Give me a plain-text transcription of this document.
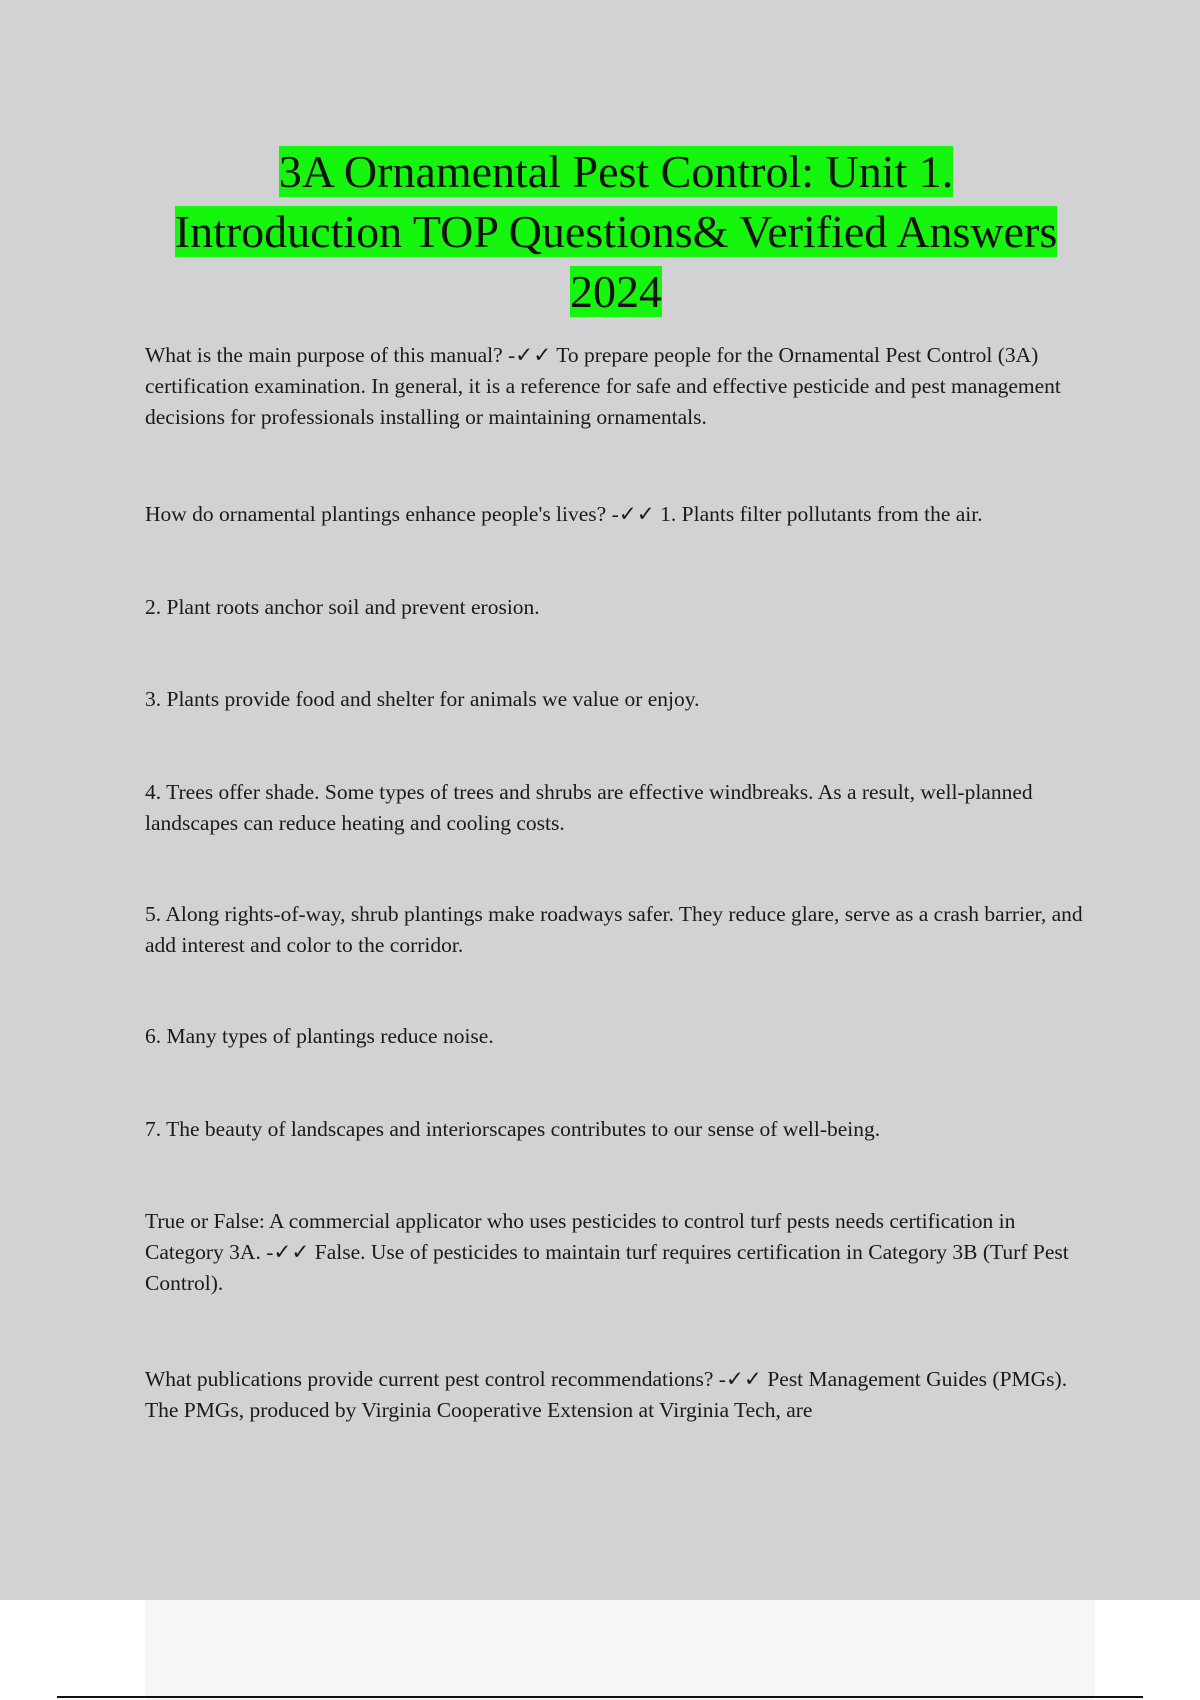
3A Ornamental Pest Control: Unit 1.
Introduction TOP Questions& Verified Answers
2024

What is the main purpose of this manual? -✓✓ To prepare people for the Ornamental Pest Control (3A) certification examination. In general, it is a reference for safe and effective pesticide and pest management decisions for professionals installing or maintaining ornamentals.

How do ornamental plantings enhance people's lives? -✓✓ 1. Plants filter pollutants from the air.

2. Plant roots anchor soil and prevent erosion.

3. Plants provide food and shelter for animals we value or enjoy.

4. Trees offer shade. Some types of trees and shrubs are effective windbreaks. As a result, well-planned landscapes can reduce heating and cooling costs.

5. Along rights-of-way, shrub plantings make roadways safer. They reduce glare, serve as a crash barrier, and add interest and color to the corridor.

6. Many types of plantings reduce noise.

7. The beauty of landscapes and interiorscapes contributes to our sense of well-being.

True or False: A commercial applicator who uses pesticides to control turf pests needs certification in Category 3A. -✓✓ False. Use of pesticides to maintain turf requires certification in Category 3B (Turf Pest Control).

What publications provide current pest control recommendations? -✓✓ Pest Management Guides (PMGs). The PMGs, produced by Virginia Cooperative Extension at Virginia Tech, are
